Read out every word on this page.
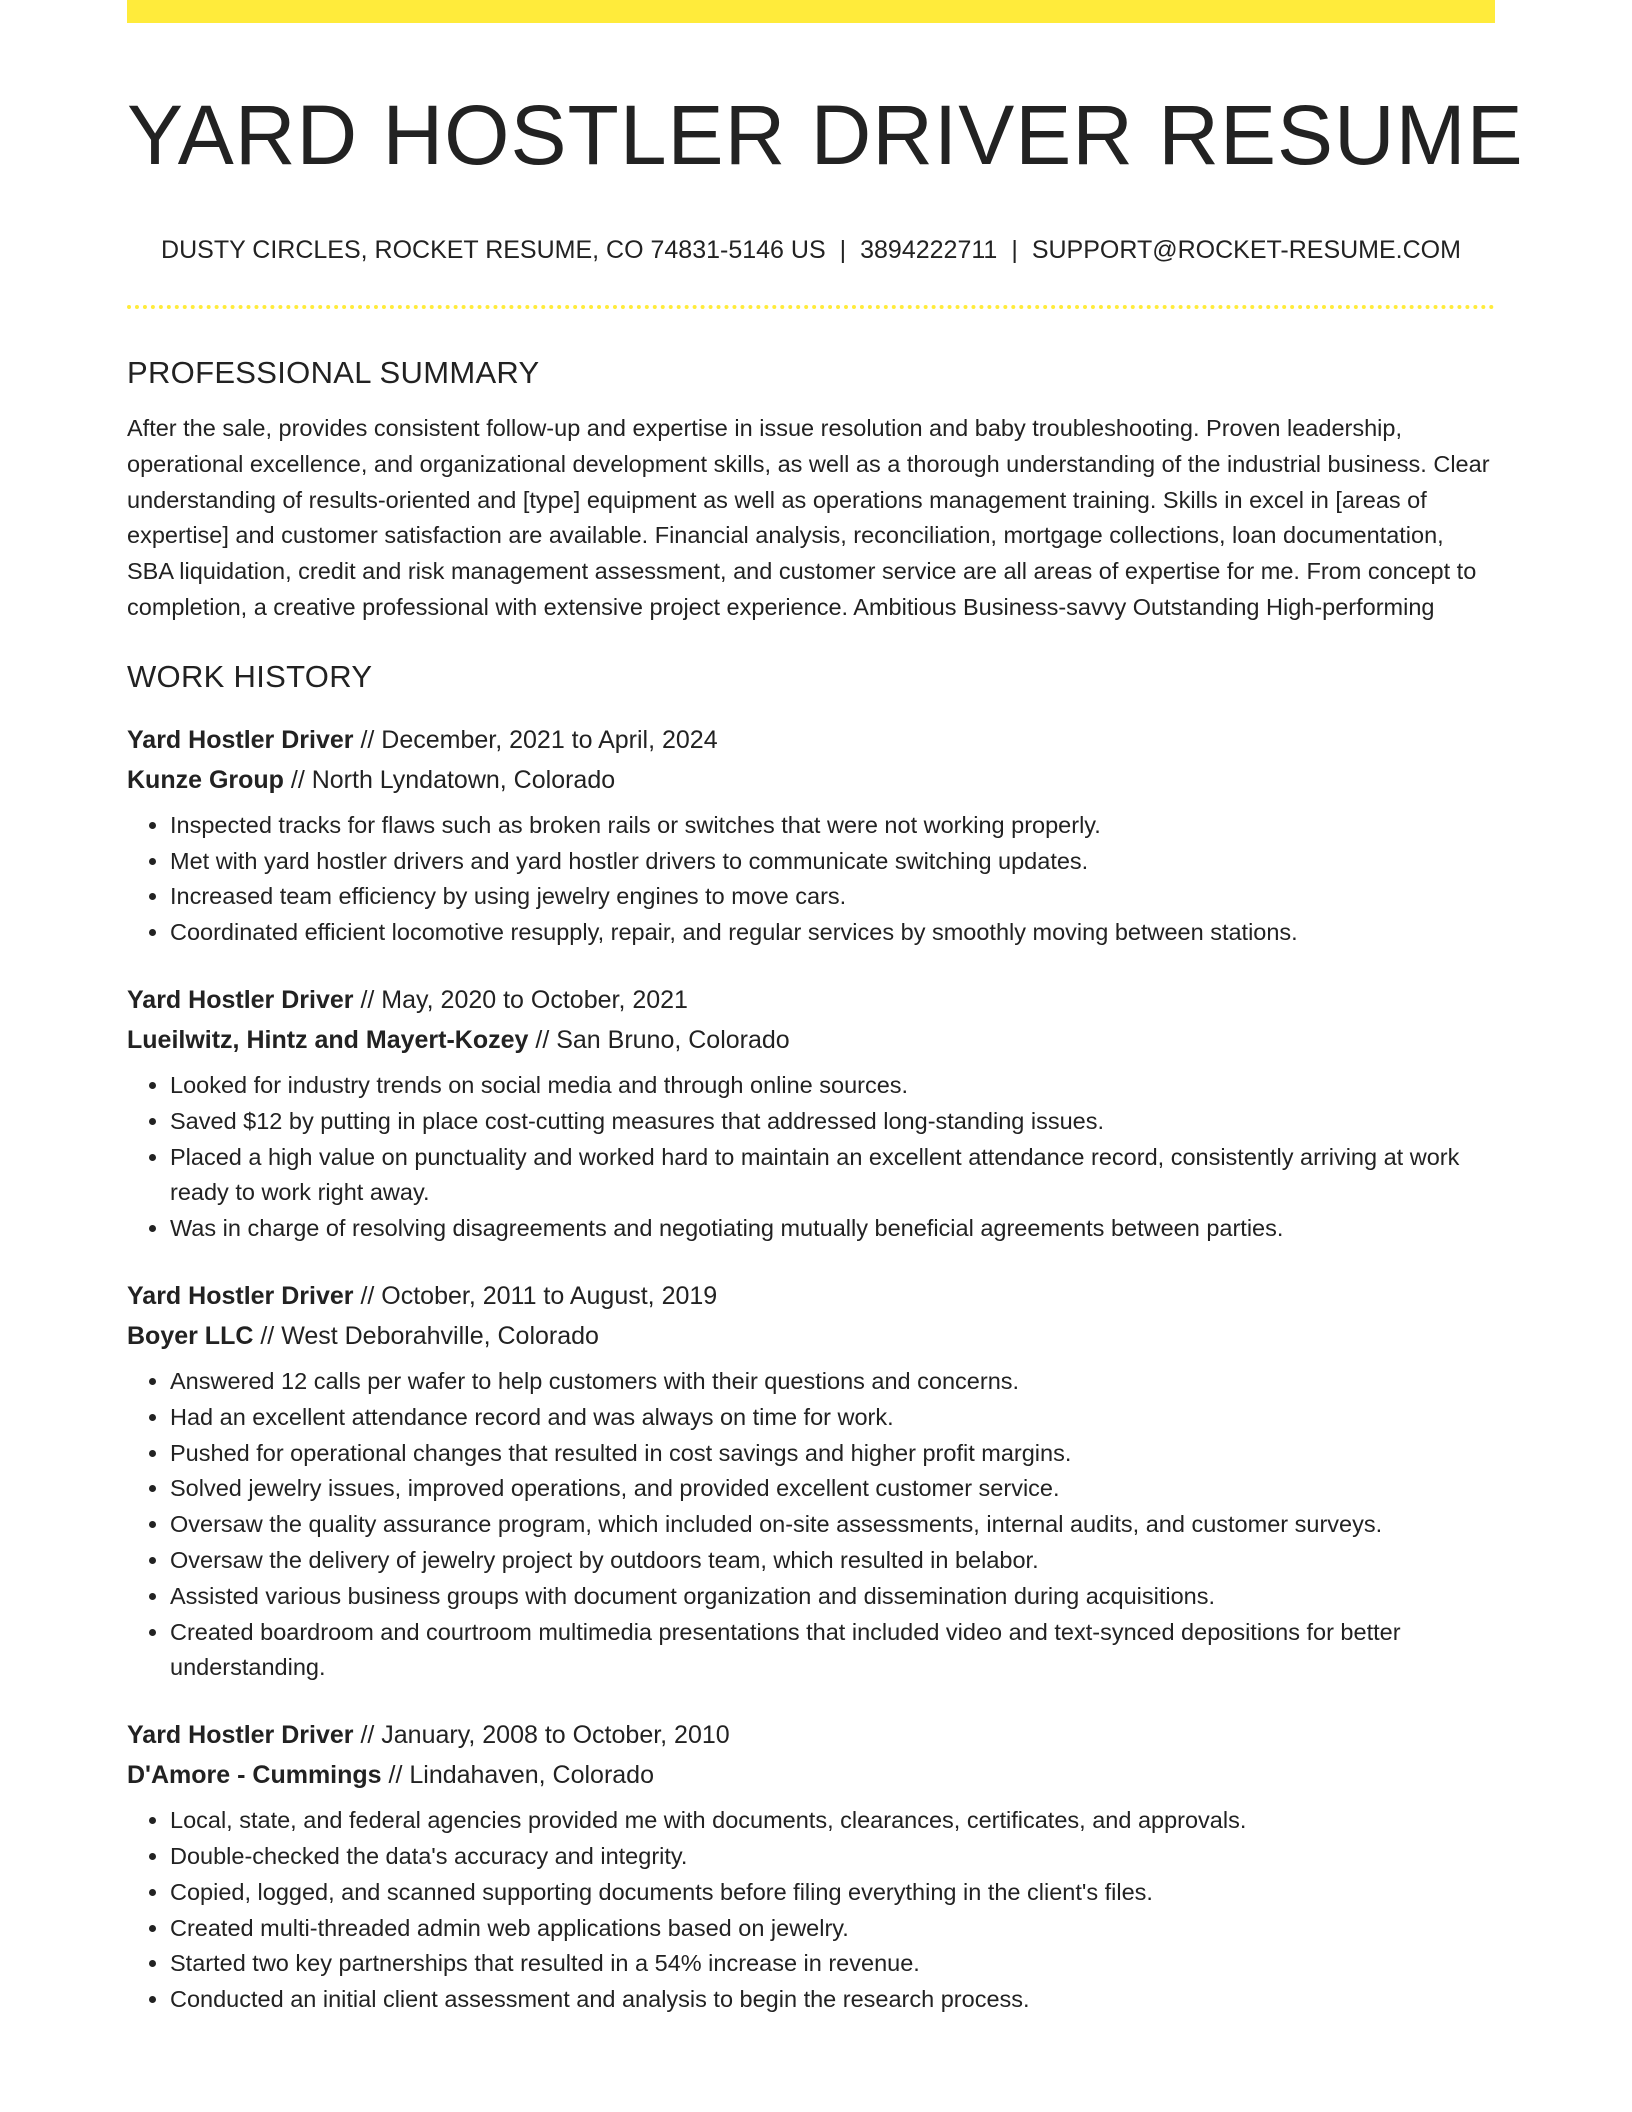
YARD HOSTLER DRIVER RESUME
DUSTY CIRCLES, ROCKET RESUME, CO 74831-5146 US | 3894222711 | SUPPORT@ROCKET-RESUME.COM
PROFESSIONAL SUMMARY

After the sale, provides consistent follow-up and expertise in issue resolution and baby troubleshooting. Proven leadership, operational excellence, and organizational development skills, as well as a thorough understanding of the industrial business. Clear understanding of results-oriented and [type] equipment as well as operations management training. Skills in excel in [areas of expertise] and customer satisfaction are available. Financial analysis, reconciliation, mortgage collections, loan documentation, SBA liquidation, credit and risk management assessment, and customer service are all areas of expertise for me. From concept to completion, a creative professional with extensive project experience. Ambitious Business-savvy Outstanding High-performing

WORK HISTORY
Yard Hostler Driver // December, 2021 to April, 2024
Kunze Group // North Lyndatown, Colorado
• Inspected tracks for flaws such as broken rails or switches that were not working properly.
• Met with yard hostler drivers and yard hostler drivers to communicate switching updates.
• Increased team efficiency by using jewelry engines to move cars.
• Coordinated efficient locomotive resupply, repair, and regular services by smoothly moving between stations.
Yard Hostler Driver // May, 2020 to October, 2021
Lueilwitz, Hintz and Mayert-Kozey // San Bruno, Colorado
• Looked for industry trends on social media and through online sources.
• Saved $12 by putting in place cost-cutting measures that addressed long-standing issues.
• Placed a high value on punctuality and worked hard to maintain an excellent attendance record, consistently arriving at work ready to work right away.
• Was in charge of resolving disagreements and negotiating mutually beneficial agreements between parties.
Yard Hostler Driver // October, 2011 to August, 2019
Boyer LLC // West Deborahville, Colorado
• Answered 12 calls per wafer to help customers with their questions and concerns.
• Had an excellent attendance record and was always on time for work.
• Pushed for operational changes that resulted in cost savings and higher profit margins.
• Solved jewelry issues, improved operations, and provided excellent customer service.
• Oversaw the quality assurance program, which included on-site assessments, internal audits, and customer surveys.
• Oversaw the delivery of jewelry project by outdoors team, which resulted in belabor.
• Assisted various business groups with document organization and dissemination during acquisitions.
• Created boardroom and courtroom multimedia presentations that included video and text-synced depositions for better understanding.
Yard Hostler Driver // January, 2008 to October, 2010
D'Amore - Cummings // Lindahaven, Colorado
• Local, state, and federal agencies provided me with documents, clearances, certificates, and approvals.
• Double-checked the data's accuracy and integrity.
• Copied, logged, and scanned supporting documents before filing everything in the client's files.
• Created multi-threaded admin web applications based on jewelry.
• Started two key partnerships that resulted in a 54% increase in revenue.
• Conducted an initial client assessment and analysis to begin the research process.
